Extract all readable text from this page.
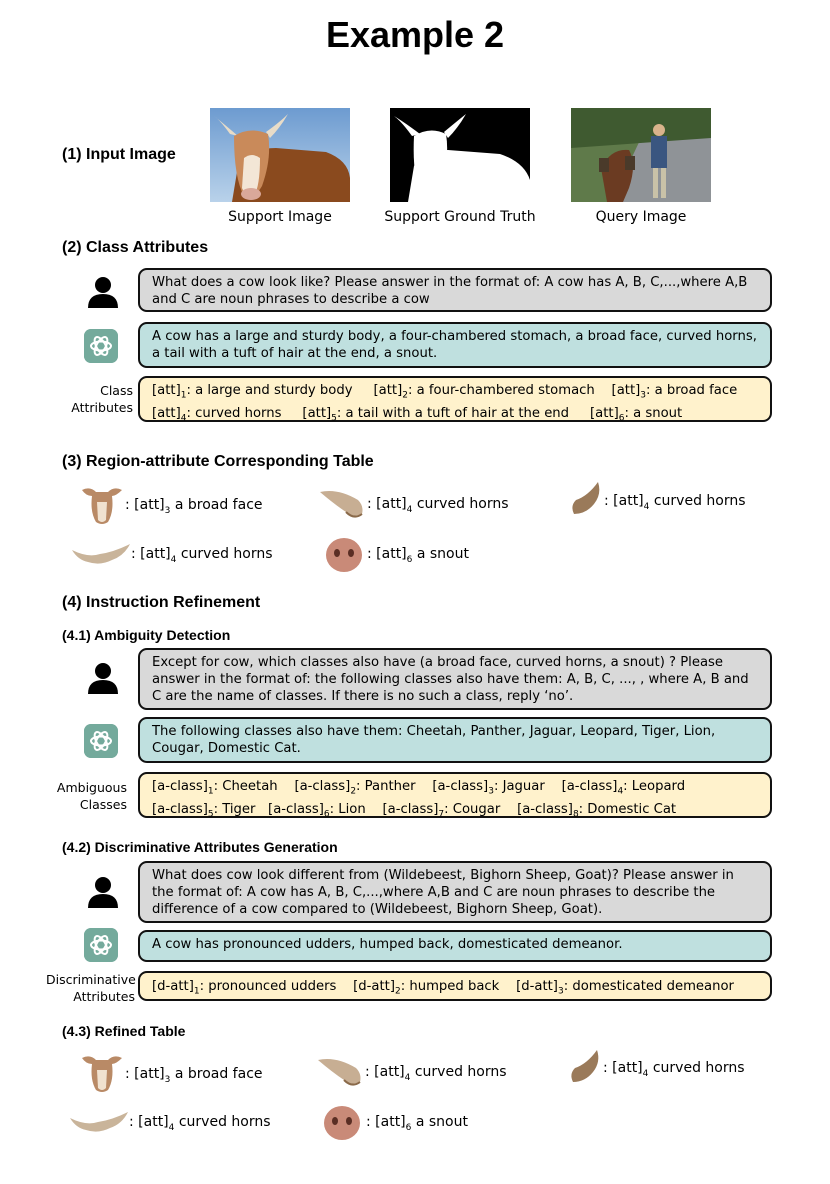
Example 2
(1) Input Image
Support Image	Support Ground Truth	Query Image
(2) Class Attributes
What does a cow look like? Please answer in the format of: A cow has A, B, C,...,where A,B and C are noun phrases to describe a cow
A cow has a large and sturdy body, a four-chambered stomach, a broad face, curved horns, a tail with a tuft of hair at the end, a snout.
Class Attributes
$[att]_1$: a large and sturdy body $[att]_2$: a four-chambered stomach $[att]_3$: a broad face
$[att]_4$: curved horns $[att]_5$: a tail with a tuft of hair at the end $[att]_6$: a snout
(3) Region-attribute Corresponding Table
: $[att]_3$ a broad face	: $[att]_4$ curved horns	: $[att]_4$ curved horns
: $[att]_4$ curved horns	: $[att]_6$ a snout
(4) Instruction Refinement
(4.1) Ambiguity Detection
Except for cow, which classes also have (a broad face, curved horns, a snout) ? Please answer in the format of: the following classes also have them: A, B, C, ..., , where A, B and C are the name of classes. If there is no such a class, reply ‘no’.
The following classes also have them: Cheetah, Panther, Jaguar, Leopard, Tiger, Lion, Cougar, Domestic Cat.
Ambiguous Classes
$[a-class]_1$: Cheetah $[a-class]_2$: Panther $[a-class]_3$: Jaguar $[a-class]_4$: Leopard
$[a-class]_5$: Tiger $[a-class]_6$: Lion $[a-class]_7$: Cougar $[a-class]_8$: Domestic Cat
(4.2) Discriminative Attributes Generation
What does cow look different from (Wildebeest, Bighorn Sheep, Goat)? Please answer in the format of: A cow has A, B, C,...,where A,B and C are noun phrases to describe the difference of a cow compared to (Wildebeest, Bighorn Sheep, Goat).
A cow has pronounced udders, humped back, domesticated demeanor.
Discriminative Attributes
$[d-att]_1$: pronounced udders $[d-att]_2$: humped back $[d-att]_3$: domesticated demeanor
(4.3) Refined Table
: $[att]_3$ a broad face	: $[att]_4$ curved horns	: $[att]_4$ curved horns
: $[att]_4$ curved horns	: $[att]_6$ a snout
